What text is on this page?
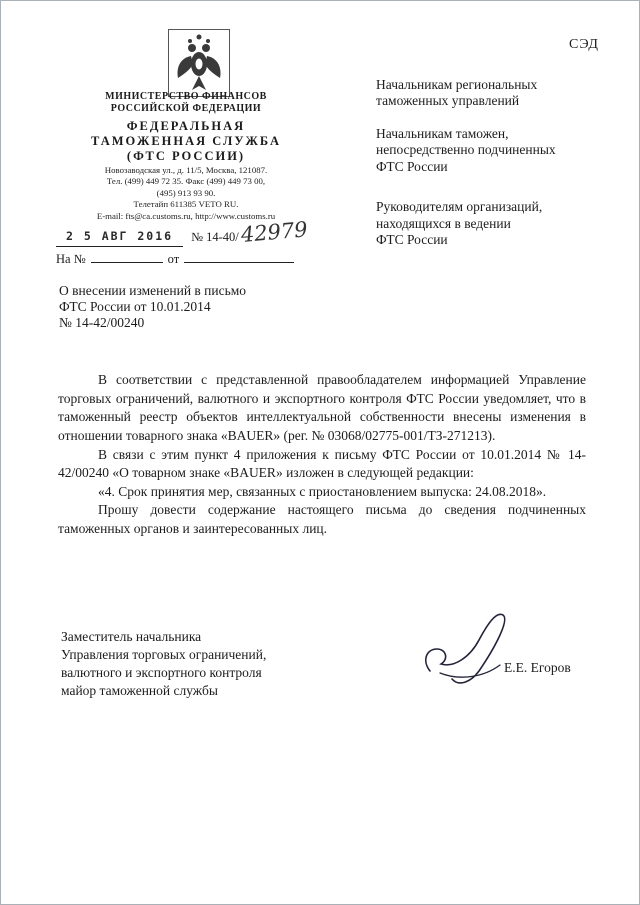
СЭД
МИНИСТЕРСТВО ФИНАНСОВ
РОССИЙСКОЙ ФЕДЕРАЦИИ
ФЕДЕРАЛЬНАЯ
ТАМОЖЕННАЯ СЛУЖБА
(ФТС РОССИИ)
Новозаводская ул., д. 11/5, Москва, 121087.
Тел. (499) 449 72 35. Факс (499) 449 73 00,
(495) 913 93 90.
Телетайп 611385 VETO RU.
E-mail: fts@ca.customs.ru, http://www.customs.ru
2 5 АВГ 2016	№ 14-40/ 42979
На №	от
Начальникам региональных
таможенных управлений
Начальникам таможен,
непосредственно подчиненных
ФТС России
Руководителям организаций,
находящихся в ведении
ФТС России
О внесении изменений в письмо
ФТС России от 10.01.2014
№ 14-42/00240

В соответствии с представленной правообладателем информацией Управление торговых ограничений, валютного и экспортного контроля ФТС России уведомляет, что в таможенный реестр объектов интеллектуальной собственности внесены изменения в отношении товарного знака «BAUER» (рег. № 03068/02775-001/ТЗ-271213).

В связи с этим пункт 4 приложения к письму ФТС России от 10.01.2014 № 14-42/00240 «О товарном знаке «BAUER» изложен в следующей редакции:

«4. Срок принятия мер, связанных с приостановлением выпуска: 24.08.2018».

Прошу довести содержание настоящего письма до сведения подчиненных таможенных органов и заинтересованных лиц.

Заместитель начальника
Управления торговых ограничений,
валютного и экспортного контроля
майор таможенной службы
Е.Е. Егоров
